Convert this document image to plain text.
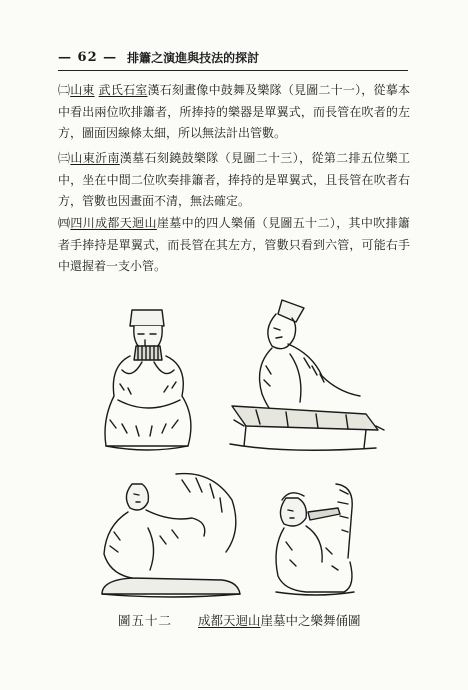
— 62 — 排簫之演進與技法的探討

㈡山東 武氏石室漢石刻畫像中鼓舞及樂隊（見圖二十一），從摹本中看出兩位吹排簫者，所捧持的樂器是單翼式，而長管在吹者的左方，圖面因線條太細，所以無法計出管數。

㈢山東沂南漢墓石刻鐃鼓樂隊（見圖二十三），從第二排五位樂工中，坐在中間二位吹奏排簫者，捧持的是單翼式，且長管在吹者右方，管數也因畫面不清，無法確定。

㈣四川成都天迴山崖墓中的四人樂俑（見圖五十二），其中吹排簫者手捧持是單翼式，而長管在其左方，管數只看到六管，可能右手中還握着一支小管。

圖五十二 成都天迴山崖墓中之樂舞俑圖
